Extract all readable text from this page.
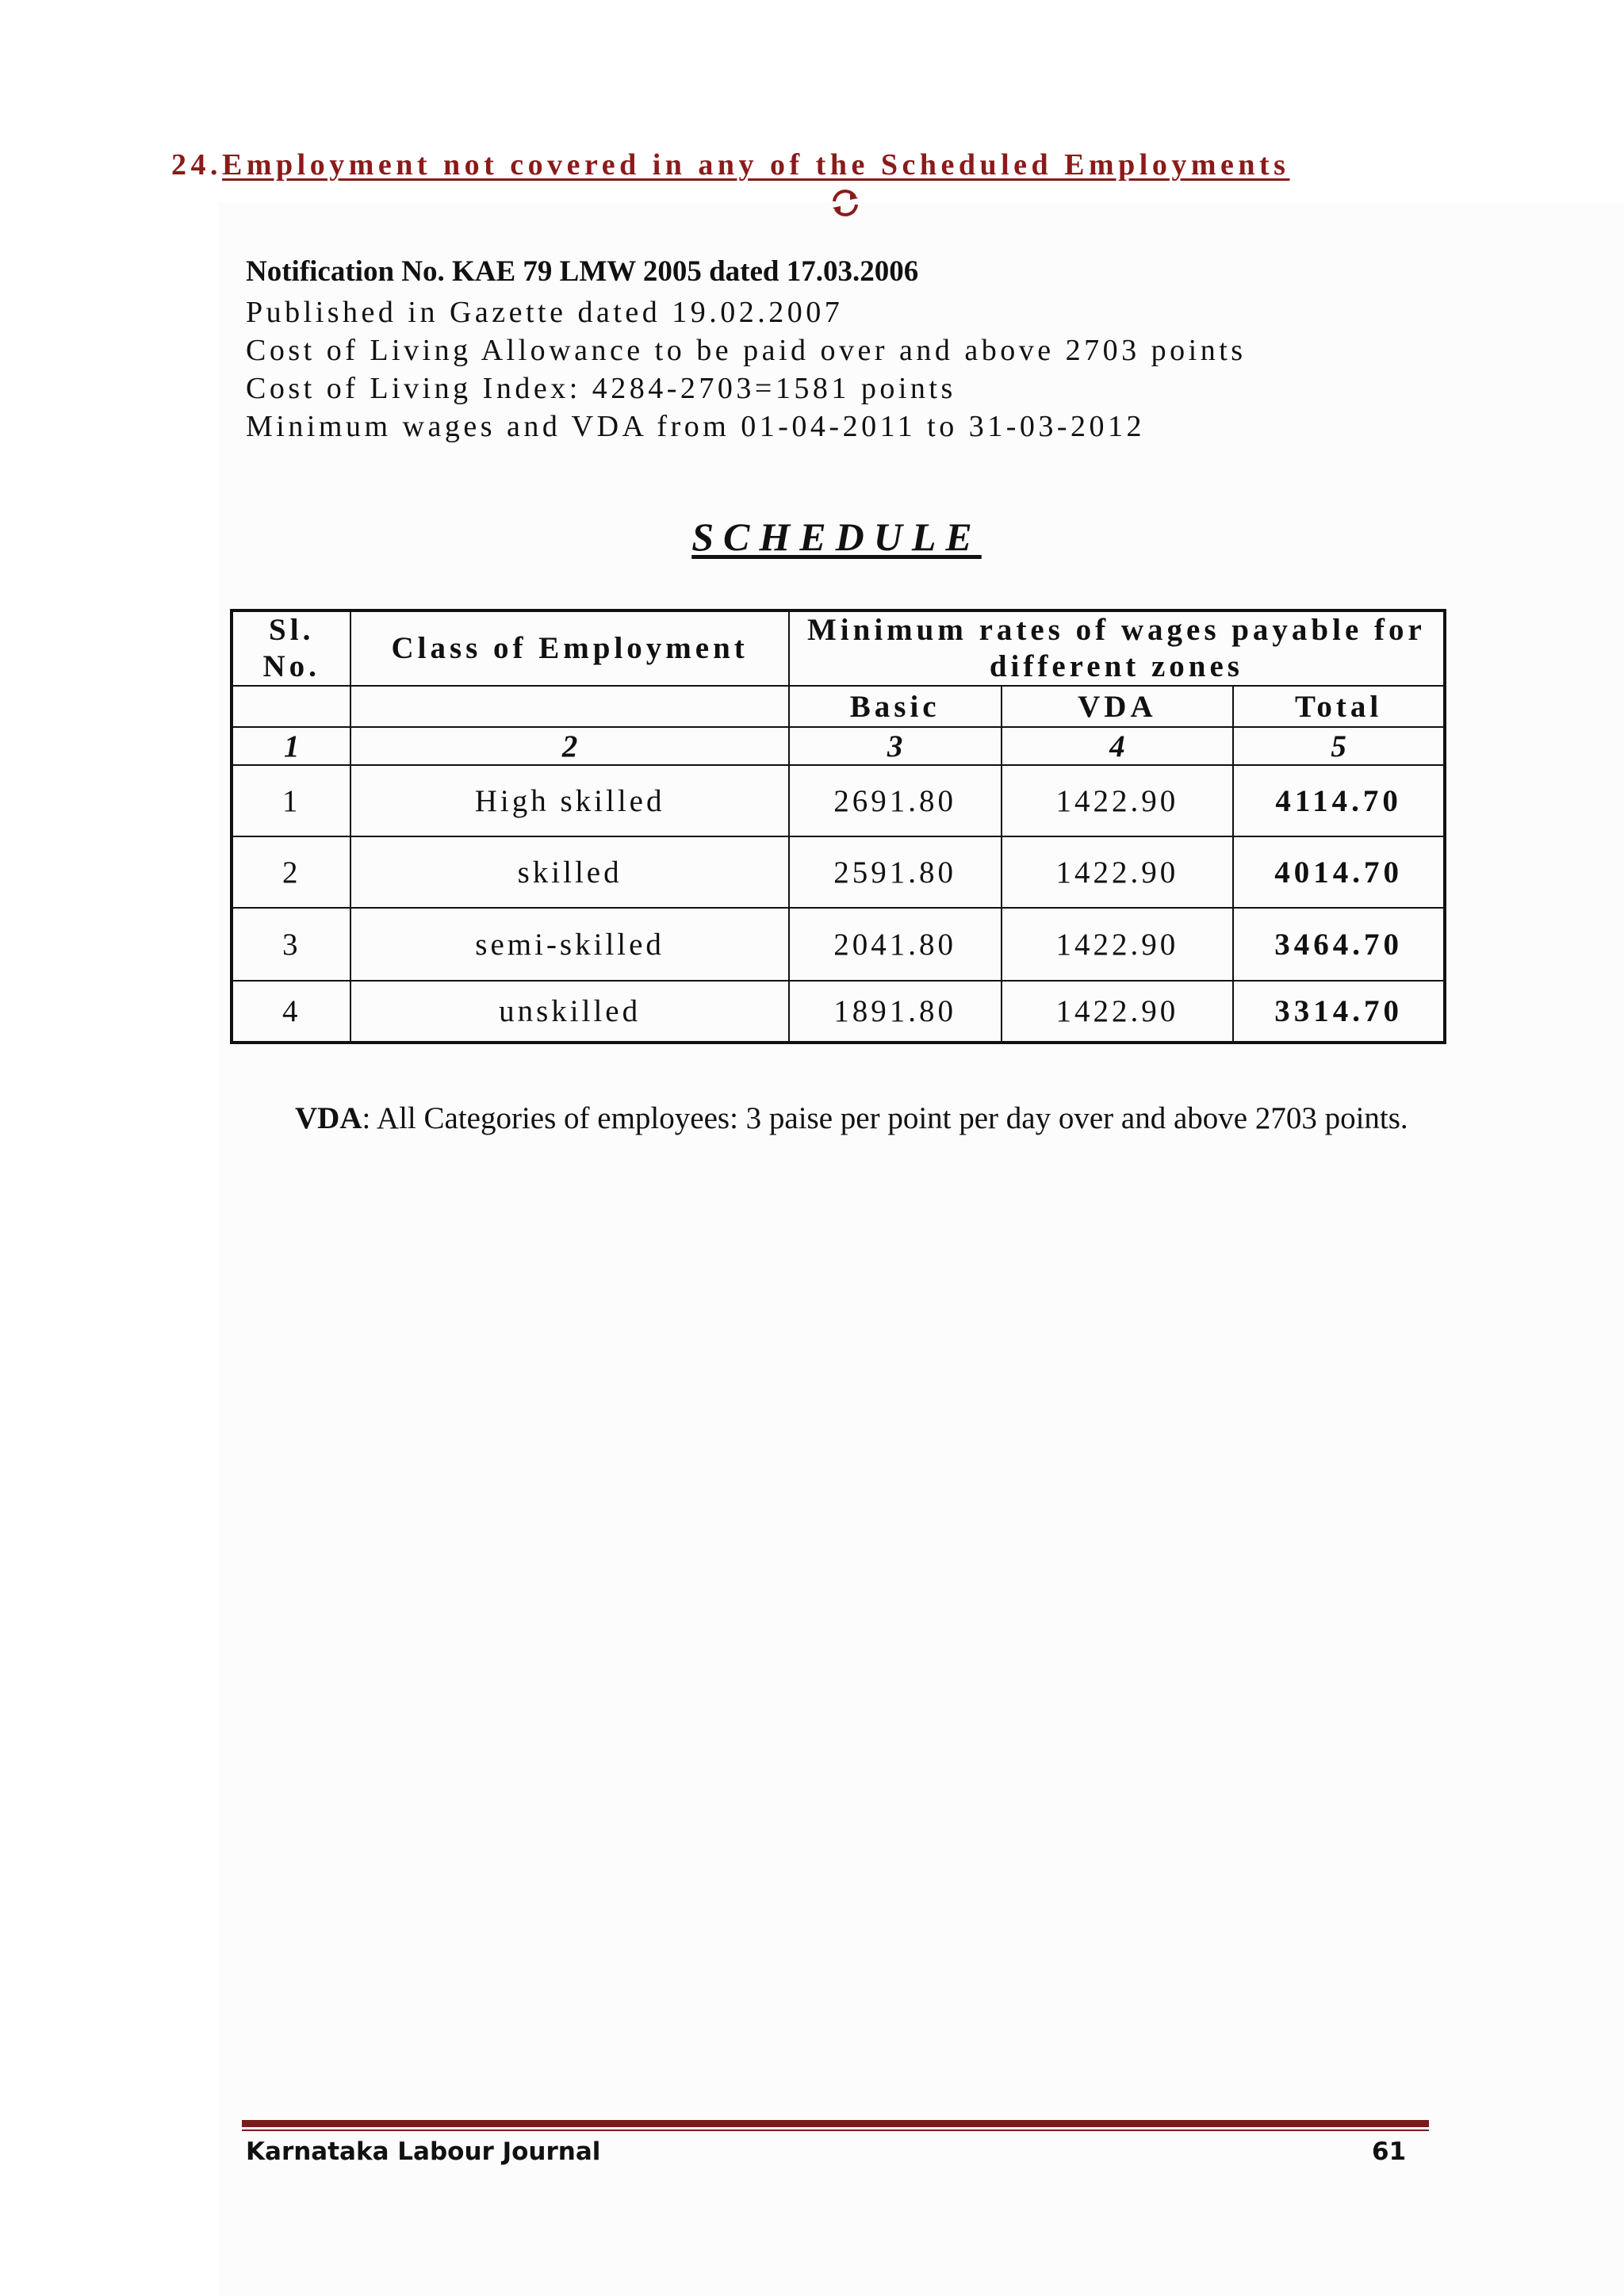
24.Employment not covered in any of the Scheduled Employments
Notification No. KAE 79 LMW 2005 dated 17.03.2006
Published in Gazette dated 19.02.2007
Cost of Living Allowance to be paid over and above 2703 points
Cost of Living Index: 4284-2703=1581 points
Minimum wages and VDA from 01-04-2011 to 31-03-2012
SCHEDULE
Sl. No.	Class of Employment	Minimum rates of wages payable for different zones		
		Basic	VDA	Total
1	2	3	4	5
1	High skilled	2691.80	1422.90	4114.70
2	skilled	2591.80	1422.90	4014.70
3	semi-skilled	2041.80	1422.90	3464.70
4	unskilled	1891.80	1422.90	3314.70
VDA: All Categories of employees: 3 paise per point per day over and above 2703 points.
Karnataka Labour Journal	61
